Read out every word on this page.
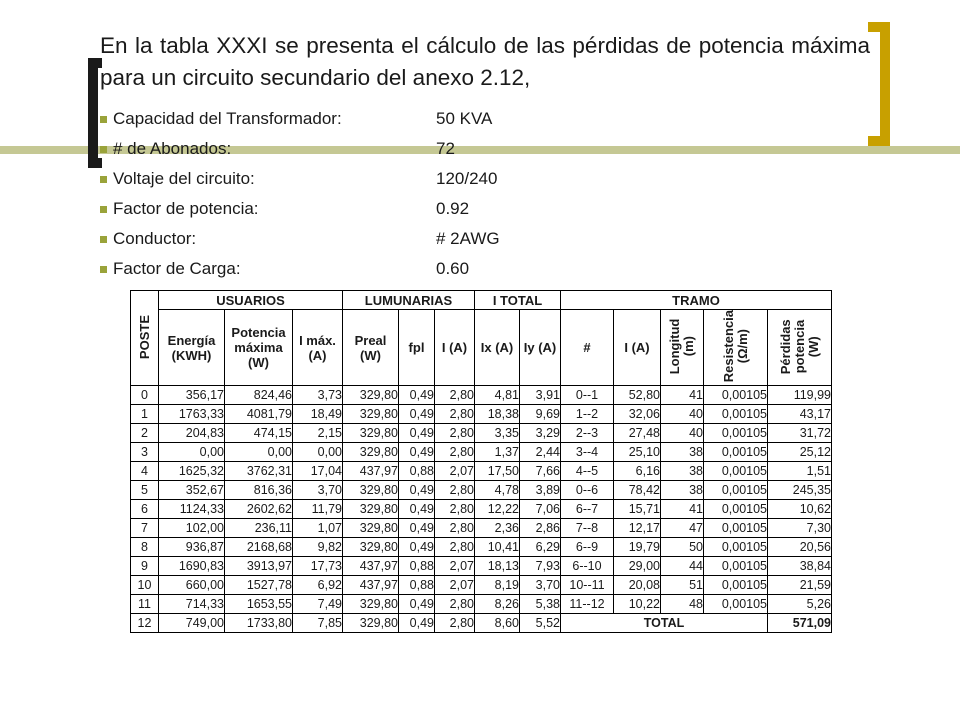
En la tabla XXXI se presenta el cálculo de las pérdidas de potencia máxima para un circuito secundario del anexo 2.12,
Capacidad del Transformador:	50 KVA
# de Abonados:	72
Voltaje del circuito:	120/240
Factor de potencia:	0.92
Conductor:	# 2AWG
Factor de Carga:	0.60
POSTE	USUARIOS			LUMUNARIAS			I TOTAL		TRAMO				
	Energía (KWH)	Potencia máxima (W)	I máx. (A)	Preal (W)	fpl	I (A)	Ix (A)	Iy (A)	#	I (A)	Longitud (m)	Resistencia (Ω/m)	Pérdidas potencia (W)
0	356,17	824,46	3,73	329,80	0,49	2,80	4,81	3,91	0--1	52,80	41	0,00105	119,99
1	1763,33	4081,79	18,49	329,80	0,49	2,80	18,38	9,69	1--2	32,06	40	0,00105	43,17
2	204,83	474,15	2,15	329,80	0,49	2,80	3,35	3,29	2--3	27,48	40	0,00105	31,72
3	0,00	0,00	0,00	329,80	0,49	2,80	1,37	2,44	3--4	25,10	38	0,00105	25,12
4	1625,32	3762,31	17,04	437,97	0,88	2,07	17,50	7,66	4--5	6,16	38	0,00105	1,51
5	352,67	816,36	3,70	329,80	0,49	2,80	4,78	3,89	0--6	78,42	38	0,00105	245,35
6	1124,33	2602,62	11,79	329,80	0,49	2,80	12,22	7,06	6--7	15,71	41	0,00105	10,62
7	102,00	236,11	1,07	329,80	0,49	2,80	2,36	2,86	7--8	12,17	47	0,00105	7,30
8	936,87	2168,68	9,82	329,80	0,49	2,80	10,41	6,29	6--9	19,79	50	0,00105	20,56
9	1690,83	3913,97	17,73	437,97	0,88	2,07	18,13	7,93	6--10	29,00	44	0,00105	38,84
10	660,00	1527,78	6,92	437,97	0,88	2,07	8,19	3,70	10--11	20,08	51	0,00105	21,59
11	714,33	1653,55	7,49	329,80	0,49	2,80	8,26	5,38	11--12	10,22	48	0,00105	5,26
12	749,00	1733,80	7,85	329,80	0,49	2,80	8,60	5,52	TOTAL				571,09
